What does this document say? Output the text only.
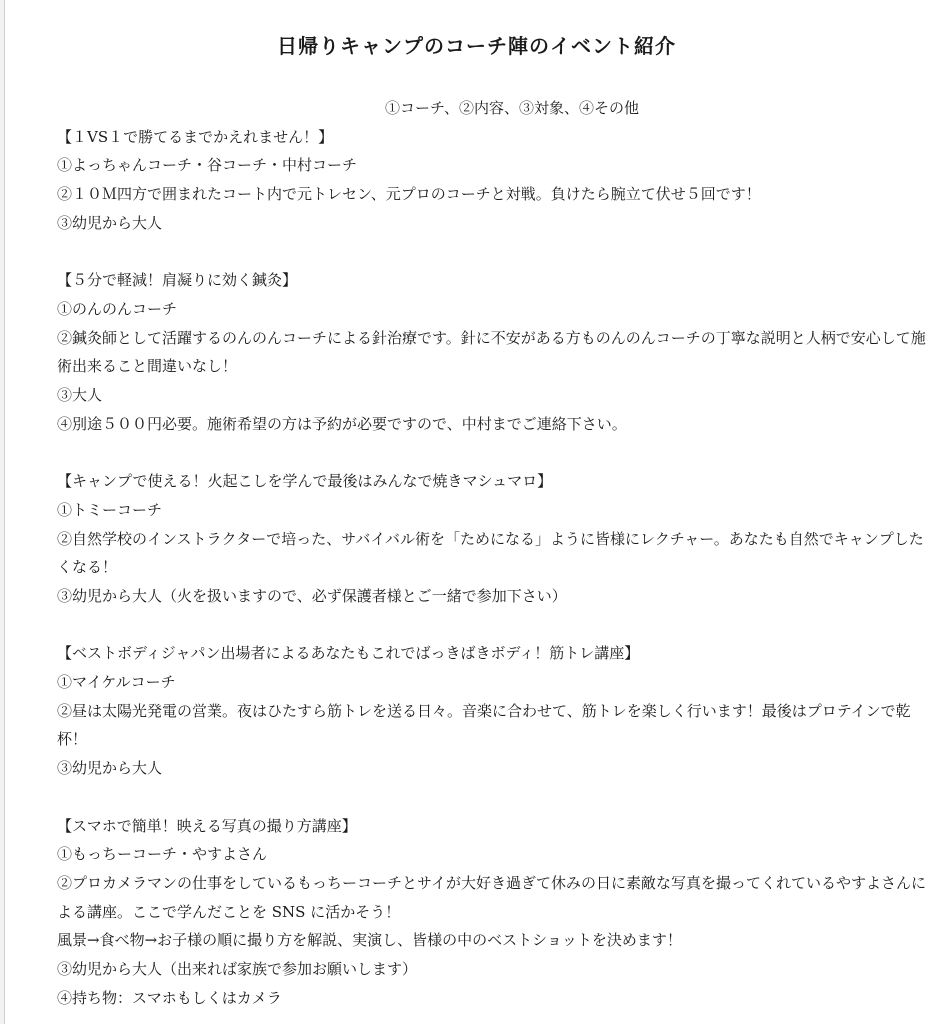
日帰りキャンプのコーチ陣のイベント紹介
①コーチ、②内容、③対象、④その他
【１VS１で勝てるまでかえれません！】
①よっちゃんコーチ・谷コーチ・中村コーチ
②１０Ｍ四方で囲まれたコート内で元トレセン、元プロのコーチと対戦。負けたら腕立て伏せ５回です！
③幼児から大人
【５分で軽減！肩凝りに効く鍼灸】
①のんのんコーチ
②鍼灸師として活躍するのんのんコーチによる針治療です。針に不安がある方ものんのんコーチの丁寧な説明と人柄で安心して施術出来ること間違いなし！
③大人
④別途５００円必要。施術希望の方は予約が必要ですので、中村までご連絡下さい。
【キャンプで使える！火起こしを学んで最後はみんなで焼きマシュマロ】
①トミーコーチ
②自然学校のインストラクターで培った、サバイバル術を「ためになる」ように皆様にレクチャー。あなたも自然でキャンプしたくなる！
③幼児から大人（火を扱いますので、必ず保護者様とご一緒で参加下さい）
【ベストボディジャパン出場者によるあなたもこれでばっきばきボディ！筋トレ講座】
①マイケルコーチ
②昼は太陽光発電の営業。夜はひたすら筋トレを送る日々。音楽に合わせて、筋トレを楽しく行います！最後はプロテインで乾杯！
③幼児から大人
【スマホで簡単！映える写真の撮り方講座】
①もっちーコーチ・やすよさん
②プロカメラマンの仕事をしているもっちーコーチとサイが大好き過ぎて休みの日に素敵な写真を撮ってくれているやすよさんによる講座。ここで学んだことを SNS に活かそう！
風景→食べ物→お子様の順に撮り方を解説、実演し、皆様の中のベストショットを決めます！
③幼児から大人（出来れば家族で参加お願いします）
④持ち物：スマホもしくはカメラ
